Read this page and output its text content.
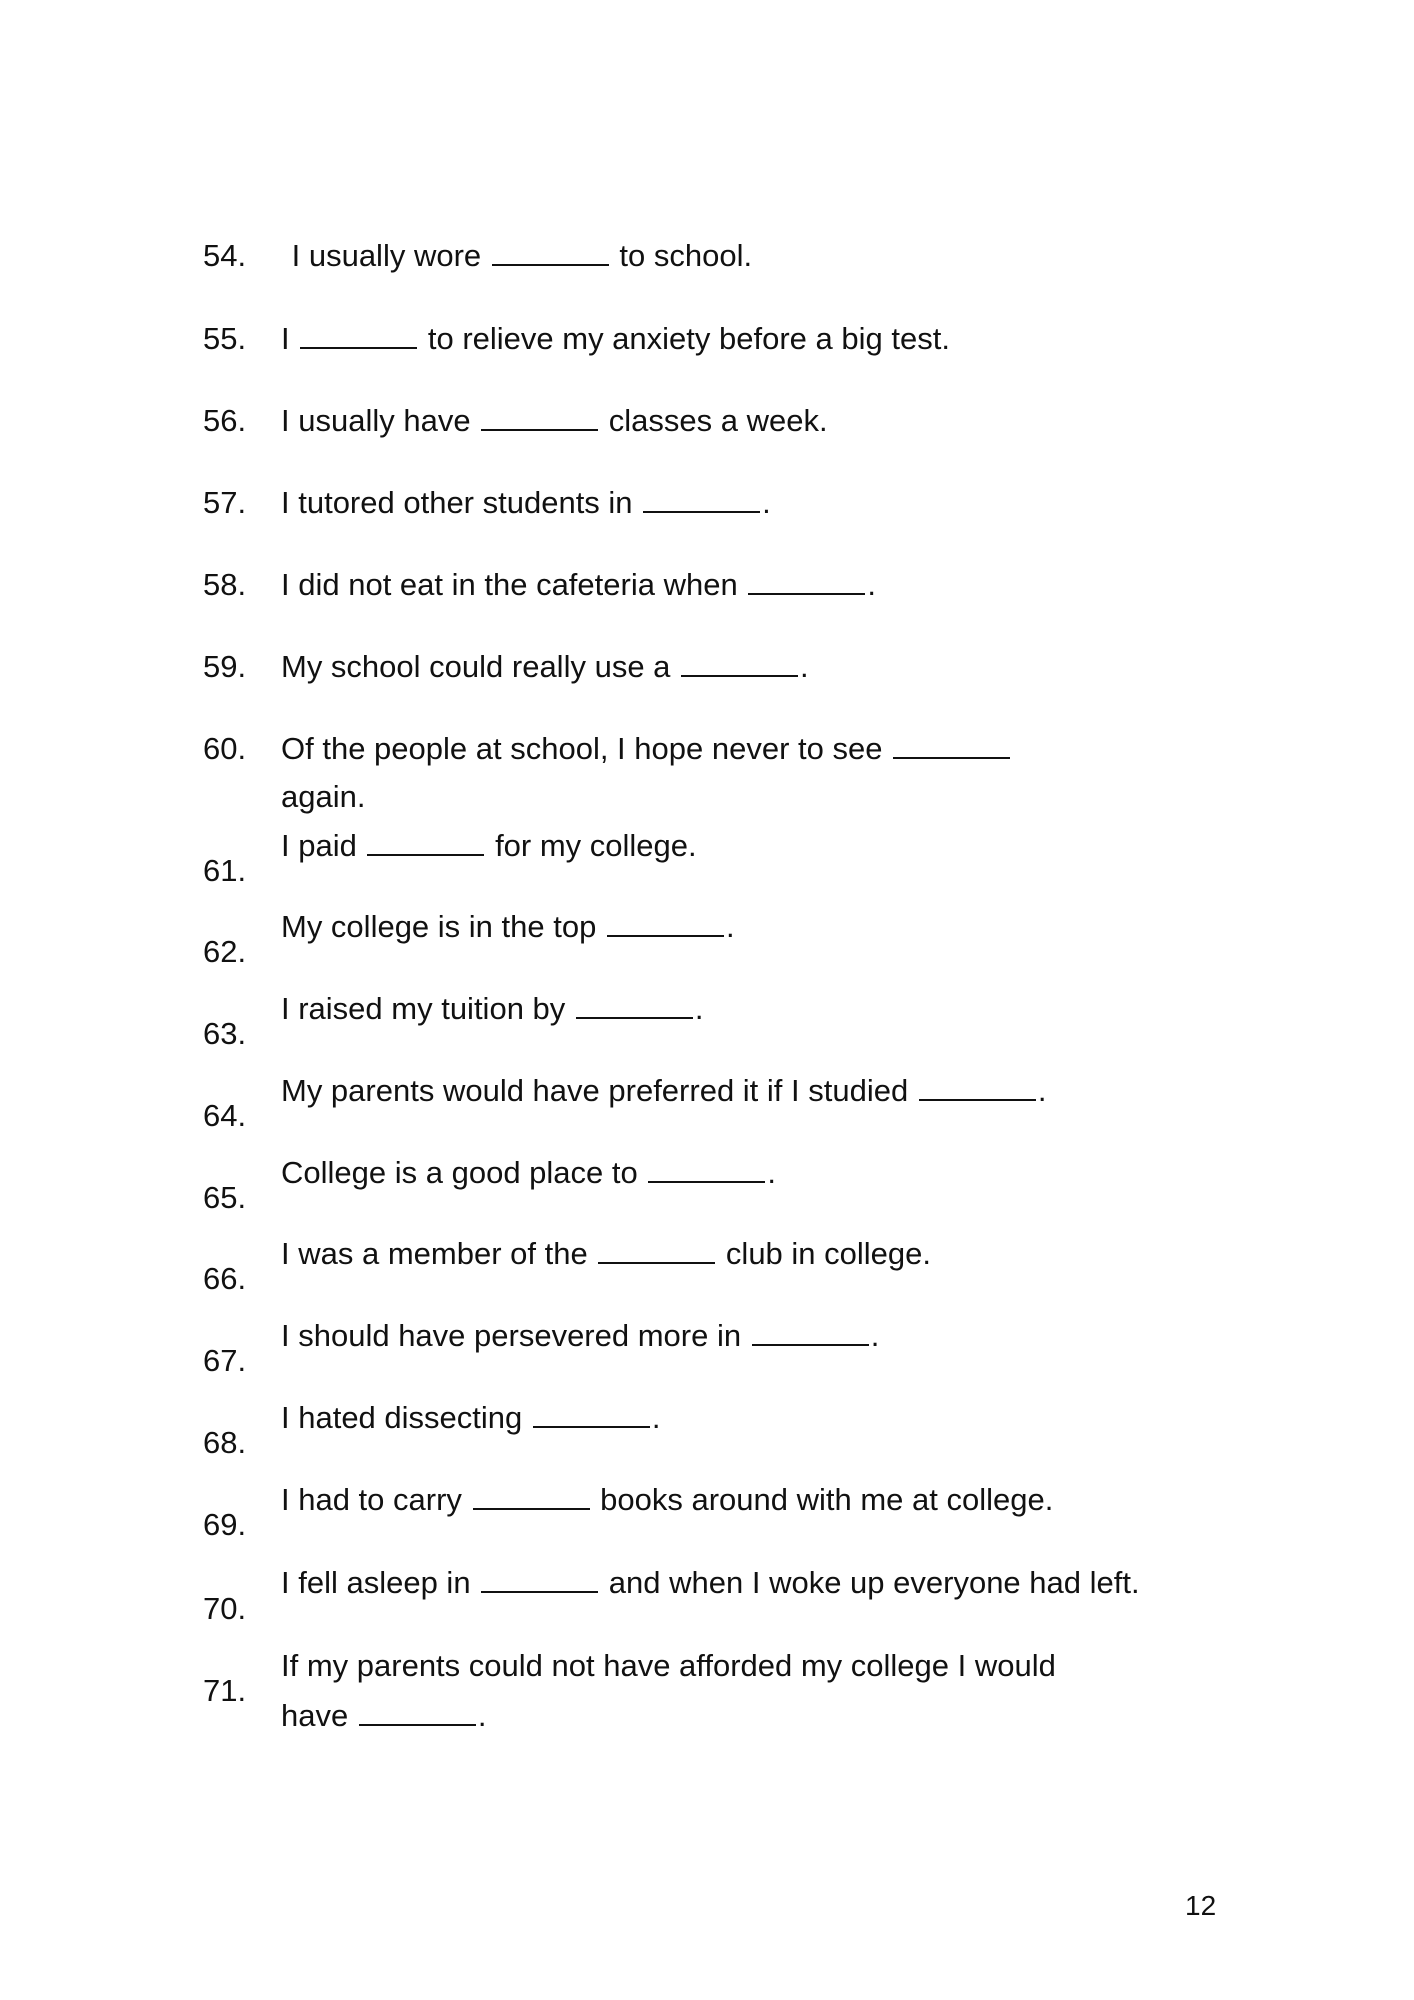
54. I usually wore	to school.
55. I	to relieve my anxiety before a big test.
56. I usually have	classes a week.
57. I tutored other students in	.
58. I did not eat in the cafeteria when	.
59. My school could really use a	.
60. Of the people at school, I hope never to see
again.
61.
I paid	for my college.
62.
My college is in the top	.
63.
I raised my tuition by	.
64.
My parents would have preferred it if I studied	.
65.
College is a good place to	.
66.
I was a member of the	club in college.
67.
I should have persevered more in	.
68.
I hated dissecting	.
69.
I had to carry	books around with me at college.
70.
I fell asleep in	and when I woke up everyone had left.
71.
If my parents could not have afforded my college I would
have	.
12
